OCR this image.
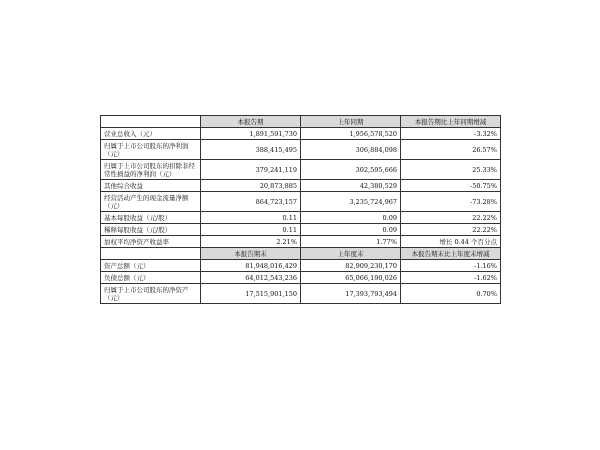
	本报告期	上年同期	本报告期比上年同期增减
营业总收入（元）	1,891,591,730	1,956,578,520	-3.32%
归属于上市公司股东的净利润（元）	388,415,495	306,884,098	26.57%
归属于上市公司股东的扣除非经常性损益的净利润（元）	379,241,119	302,595,666	25.33%
其他综合收益	20,873,885	42,380,529	-50.75%
经营活动产生的现金流量净额（元）	864,723,157	3,235,724,967	-73.28%
基本每股收益（元/股）	0.11	0.09	22.22%
稀释每股收益（元/股）	0.11	0.09	22.22%
加权平均净资产收益率	2.21%	1.77%	增长 0.44 个百分点
	本报告期末	上年度末	本报告期末比上年度末增减
资产总额（元）	81,948,016,429	82,909,230,170	-1.16%
负债总额（元）	64,012,543,236	65,066,190,026	-1.62%
归属于上市公司股东的净资产（元）	17,515,901,150	17,393,793,494	0.70%
